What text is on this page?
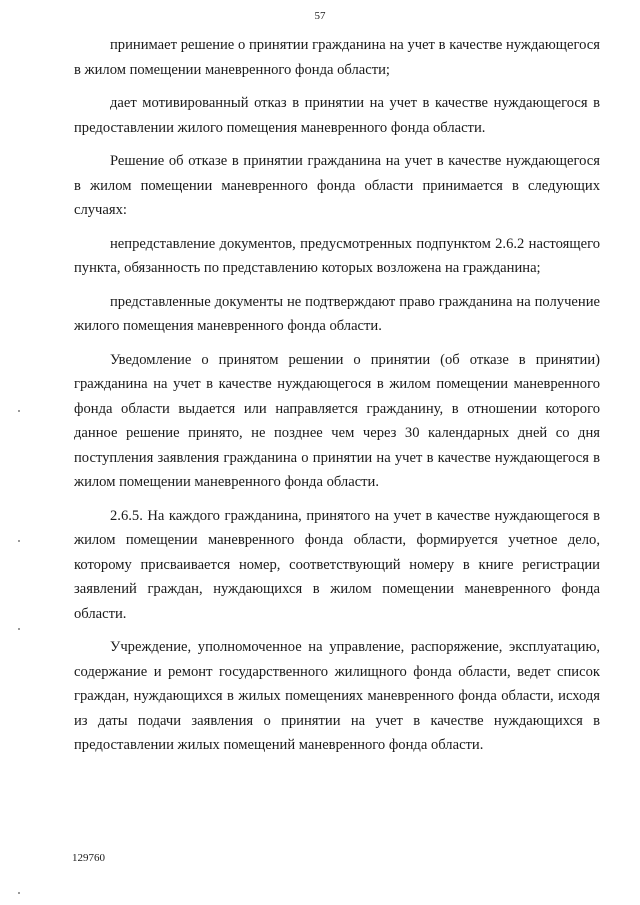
57

принимает решение о принятии гражданина на учет в качестве нуждающегося в жилом помещении маневренного фонда области;

дает мотивированный отказ в принятии на учет в качестве нуждающегося в предоставлении жилого помещения маневренного фонда области.

Решение об отказе в принятии гражданина на учет в качестве нуждающегося в жилом помещении маневренного фонда области принимается в следующих случаях:

непредставление документов, предусмотренных подпунктом 2.6.2 настоящего пункта, обязанность по представлению которых возложена на гражданина;

представленные документы не подтверждают право гражданина на получение жилого помещения маневренного фонда области.

Уведомление о принятом решении о принятии (об отказе в принятии) гражданина на учет в качестве нуждающегося в жилом помещении маневренного фонда области выдается или направляется гражданину, в отношении которого данное решение принято, не позднее чем через 30 календарных дней со дня поступления заявления гражданина о принятии на учет в качестве нуждающегося в жилом помещении маневренного фонда области.

2.6.5. На каждого гражданина, принятого на учет в качестве нуждающегося в жилом помещении маневренного фонда области, формируется учетное дело, которому присваивается номер, соответствующий номеру в книге регистрации заявлений граждан, нуждающихся в жилом помещении маневренного фонда области.

Учреждение, уполномоченное на управление, распоряжение, эксплуатацию, содержание и ремонт государственного жилищного фонда области, ведет список граждан, нуждающихся в жилых помещениях маневренного фонда области, исходя из даты подачи заявления о принятии на учет в качестве нуждающихся в предоставлении жилых помещений маневренного фонда области.

129760
